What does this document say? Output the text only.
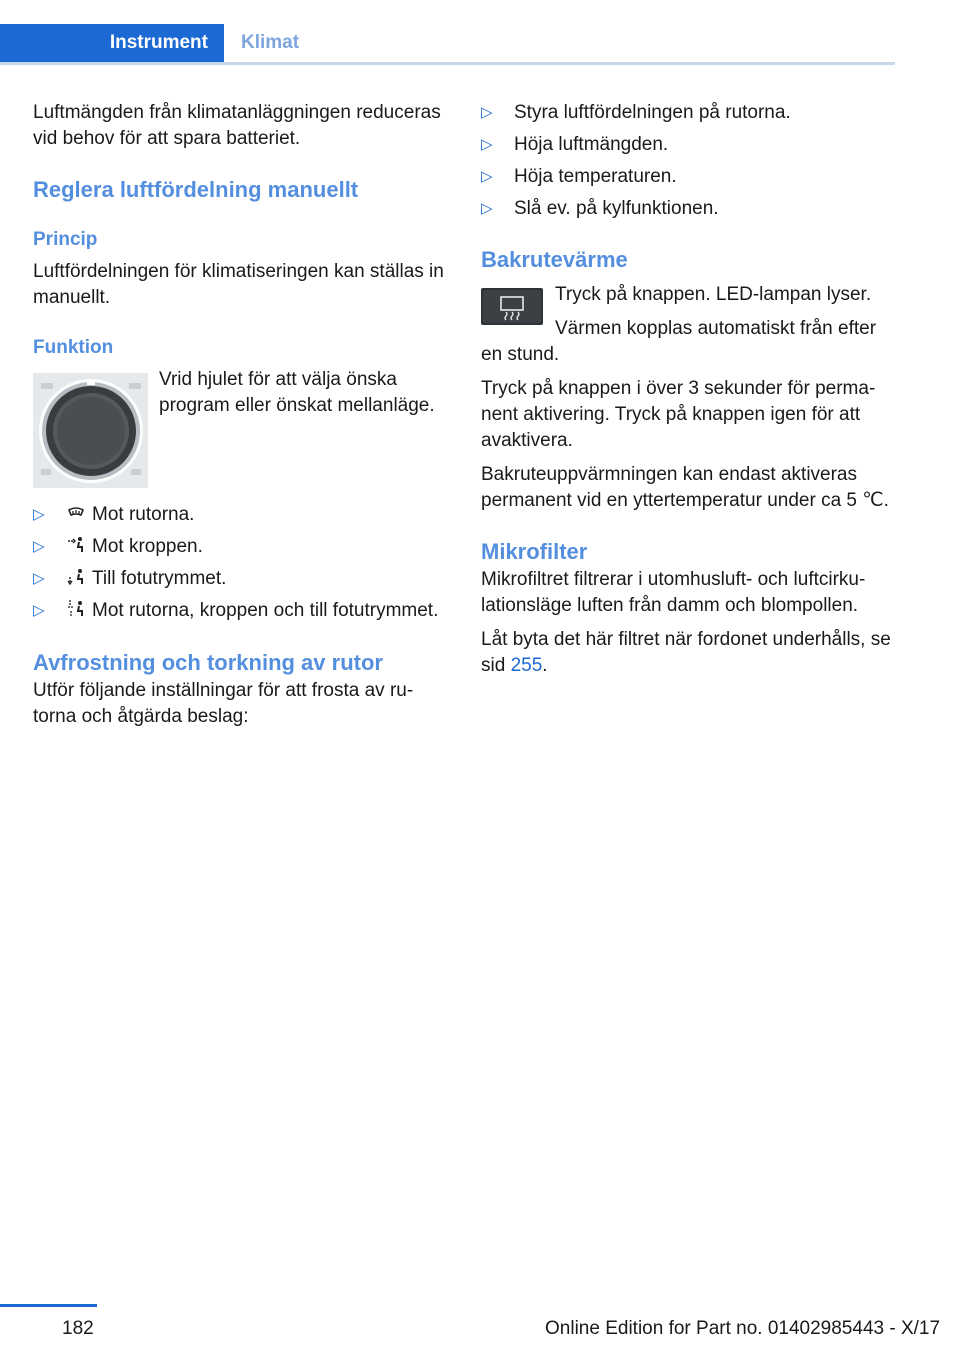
Instrument Klimat

Luftmängden från klimatanläggningen reduceras vid behov för att spara batteriet.

Reglera luftfördelning manuellt
Princip

Luftfördelningen för klimatiseringen kan ställas in manuellt.

Funktion

Vrid hjulet för att välja önska program eller önskat mellanläge.

▷ Mot rutorna.
▷ Mot kroppen.
▷ Till fotutrymmet.
▷ Mot rutorna, kroppen och till fotutrymmet.
Avfrostning och torkning av rutor

Utför följande inställningar för att frosta av rutorna och åtgärda beslag:

▷ Styra luftfördelningen på rutorna.
▷ Höja luftmängden.
▷ Höja temperaturen.
▷ Slå ev. på kylfunktionen.
Bakrutevärme

Tryck på knappen. LED-lampan lyser.

Värmen kopplas automatiskt från efter en stund.

Tryck på knappen i över 3 sekunder för permanent aktivering. Tryck på knappen igen för att avaktivera.

Bakruteuppvärmningen kan endast aktiveras permanent vid en yttertemperatur under ca 5 ℃.

Mikrofilter

Mikrofiltret filtrerar i utomhusluft- och luftcirkulationsläge luften från damm och blompollen.

Låt byta det här filtret när fordonet underhålls, se sid 255.

182	Online Edition for Part no. 01402985443 - X/17
